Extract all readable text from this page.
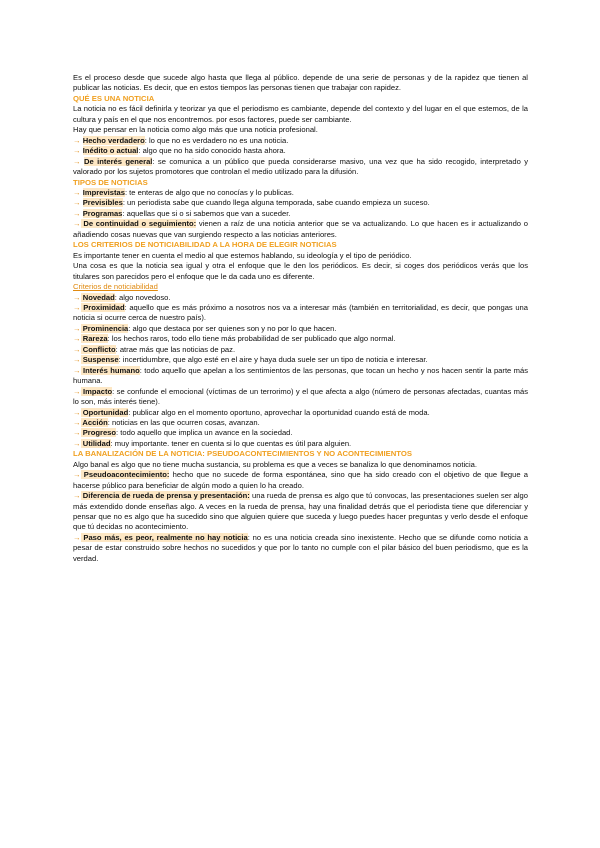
Es el proceso desde que sucede algo hasta que llega al público. depende de una serie de personas y de la rapidez que tienen al publicar las noticias. Es decir, que en estos tiempos las personas tienen que trabajar con rapidez.

QUÉ ES UNA NOTICIA

La noticia no es fácil definirla y teorizar ya que el periodismo es cambiante, depende del contexto y del lugar en el que estemos, de la cultura y país en el que nos encontremos. por esos factores, puede ser cambiante.

Hay que pensar en la noticia como algo más que una noticia profesional.

→ Hecho verdadero: lo que no es verdadero no es una noticia.

→ Inédito o actual: algo que no ha sido conocido hasta ahora.

→ De interés general: se comunica a un público que pueda considerarse masivo, una vez que ha sido recogido, interpretado y valorado por los sujetos promotores que controlan el medio utilizado para la difusión.

TIPOS DE NOTICIAS

→ Imprevistas: te enteras de algo que no conocías y lo publicas.

→ Previsibles: un periodista sabe que cuando llega alguna temporada, sabe cuando empieza un suceso.

→ Programas: aquellas que si o si sabemos que van a suceder.

→ De continuidad o seguimiento: vienen a raíz de una noticia anterior que se va actualizando. Lo que hacen es ir actualizando o añadiendo cosas nuevas que van surgiendo respecto a las noticias anteriores.

LOS CRITERIOS DE NOTICIABILIDAD A LA HORA DE ELEGIR NOTICIAS

Es importante tener en cuenta el medio al que estemos hablando, su ideología y el tipo de periódico.

Una cosa es que la noticia sea igual y otra el enfoque que le den los periódicos. Es decir, si coges dos periódicos verás que los titulares son parecidos pero el enfoque que le da cada uno es diferente.

Criterios de noticiabilidad

→ Novedad: algo novedoso.

→ Proximidad: aquello que es más próximo a nosotros nos va a interesar más (también en territorialidad, es decir, que pongas una noticia si ocurre cerca de nuestro país).

→ Prominencia: algo que destaca por ser quienes son y no por lo que hacen.

→ Rareza: los hechos raros, todo ello tiene más probabilidad de ser publicado que algo normal.

→ Conflicto: atrae más que las noticias de paz.

→ Suspense: incertidumbre, que algo esté en el aire y haya duda suele ser un tipo de noticia e interesar.

→ Interés humano: todo aquello que apelan a los sentimientos de las personas, que tocan un hecho y nos hacen sentir la parte más humana.

→ Impacto: se confunde el emocional (víctimas de un terrorimo) y el que afecta a algo (número de personas afectadas, cuantas más lo son, más interés tiene).

→ Oportunidad: publicar algo en el momento oportuno, aprovechar la oportunidad cuando está de moda.

→ Acción: noticias en las que ocurren cosas, avanzan.

→ Progreso: todo aquello que implica un avance en la sociedad.

→ Utilidad: muy importante. tener en cuenta si lo que cuentas es útil para alguien.

LA BANALIZACIÓN DE LA NOTICIA: PSEUDOACONTECIMIENTOS Y NO ACONTECIMIENTOS

Algo banal es algo que no tiene mucha sustancia, su problema es que a veces se banaliza lo que denominamos noticia.

→ Pseudoacontecimiento: hecho que no sucede de forma espontánea, sino que ha sido creado con el objetivo de que llegue a hacerse público para beneficiar de algún modo a quien lo ha creado.

→ Diferencia de rueda de prensa y presentación: una rueda de prensa es algo que tú convocas, las presentaciones suelen ser algo más extendido donde enseñas algo. A veces en la rueda de prensa, hay una finalidad detrás que el periodista tiene que diferenciar y pensar que no es algo que ha sucedido sino que alguien quiere que suceda y luego puedes hacer preguntas y verlo desde el enfoque que tú decidas no acontecimiento.

→ Paso más, es peor, realmente no hay noticia: no es una noticia creada sino inexistente. Hecho que se difunde como noticia a pesar de estar construido sobre hechos no sucedidos y que por lo tanto no cumple con el pilar básico del buen periodismo, que es la verdad.
